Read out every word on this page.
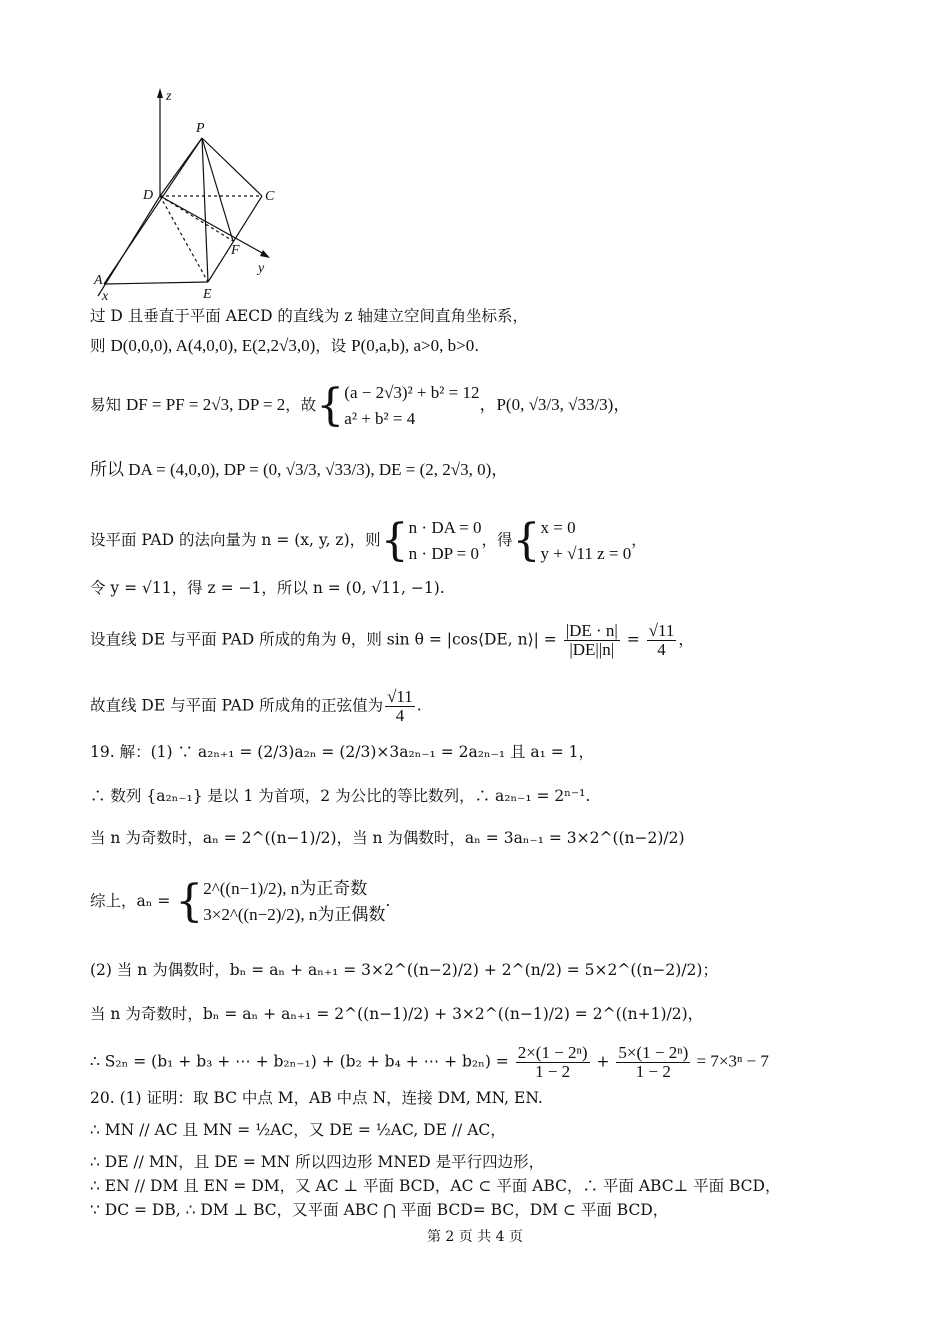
z
P
D	C
F
y
A
x	E
过 D 且垂直于平面 AECD 的直线为 z 轴建立空间直角坐标系，
则 D(0,0,0), A(4,0,0), E(2,2√3,0)，设 P(0,a,b), a>0, b>0.
易知 DF = PF = 2√3, DP = 2，故{(a − 2√3)² + b² = 12
a² + b² = 4，P(0, √3/3, √33/3)，
所以 DA = (4,0,0), DP = (0, √3/3, √33/3), DE = (2, 2√3, 0)，
设平面 PAD 的法向量为 n = (x, y, z)，则{n · DA = 0
n · DP = 0，得{x = 0
y + √11 z = 0，
令 y = √11，得 z = −1，所以 n = (0, √11, −1).
设直线 DE 与平面 PAD 所成的角为 θ，则 sin θ = |cos⟨DE, n⟩| = $\frac{|DE \cdot n|}{|DE||n|} = \frac{√11}{4}$ ，
故直线 DE 与平面 PAD 所成角的正弦值为 $\frac{√11}{4}$ .
19. 解：(1) ∵ a₂ₙ₊₁ = (2/3)a₂ₙ = (2/3)×3a₂ₙ₋₁ = 2a₂ₙ₋₁ 且 a₁ = 1，
∴ 数列 {a₂ₙ₋₁} 是以 1 为首项，2 为公比的等比数列，∴ a₂ₙ₋₁ = 2ⁿ⁻¹.
当 n 为奇数时，aₙ = 2^((n−1)/2)，当 n 为偶数时，aₙ = 3aₙ₋₁ = 3×2^((n−2)/2)
综上，aₙ = {2^((n−1)/2), n为正奇数
3×2^((n−2)/2), n为正偶数.
(2) 当 n 为偶数时，bₙ = aₙ + aₙ₊₁ = 3×2^((n−2)/2) + 2^(n/2) = 5×2^((n−2)/2)；
当 n 为奇数时，bₙ = aₙ + aₙ₊₁ = 2^((n−1)/2) + 3×2^((n−1)/2) = 2^((n+1)/2)，
∴ S₂ₙ = (b₁ + b₃ + ⋯ + b₂ₙ₋₁) + (b₂ + b₄ + ⋯ + $b_{2n}) = \frac{\text{2×(1 − 2ⁿ)}}{1 - 2} + \frac{\text{5×(1 − 2ⁿ)}}{1 - 2} = 7\times 3^n - 7$
20. (1) 证明：取 BC 中点 M，AB 中点 N，连接 DM, MN, EN.
∴ MN // AC 且 MN = ½AC，又 DE = ½AC, DE // AC，
∴ DE // MN，且 DE = MN 所以四边形 MNED 是平行四边形，
∴ EN // DM 且 EN = DM，又 AC ⊥ 平面 BCD，AC ⊂ 平面 ABC，∴ 平面 ABC⊥ 平面 BCD，
∵ DC = DB, ∴ DM ⊥ BC，又平面 ABC ⋂ 平面 BCD= BC，DM ⊂ 平面 BCD，
第 2 页 共 4 页
